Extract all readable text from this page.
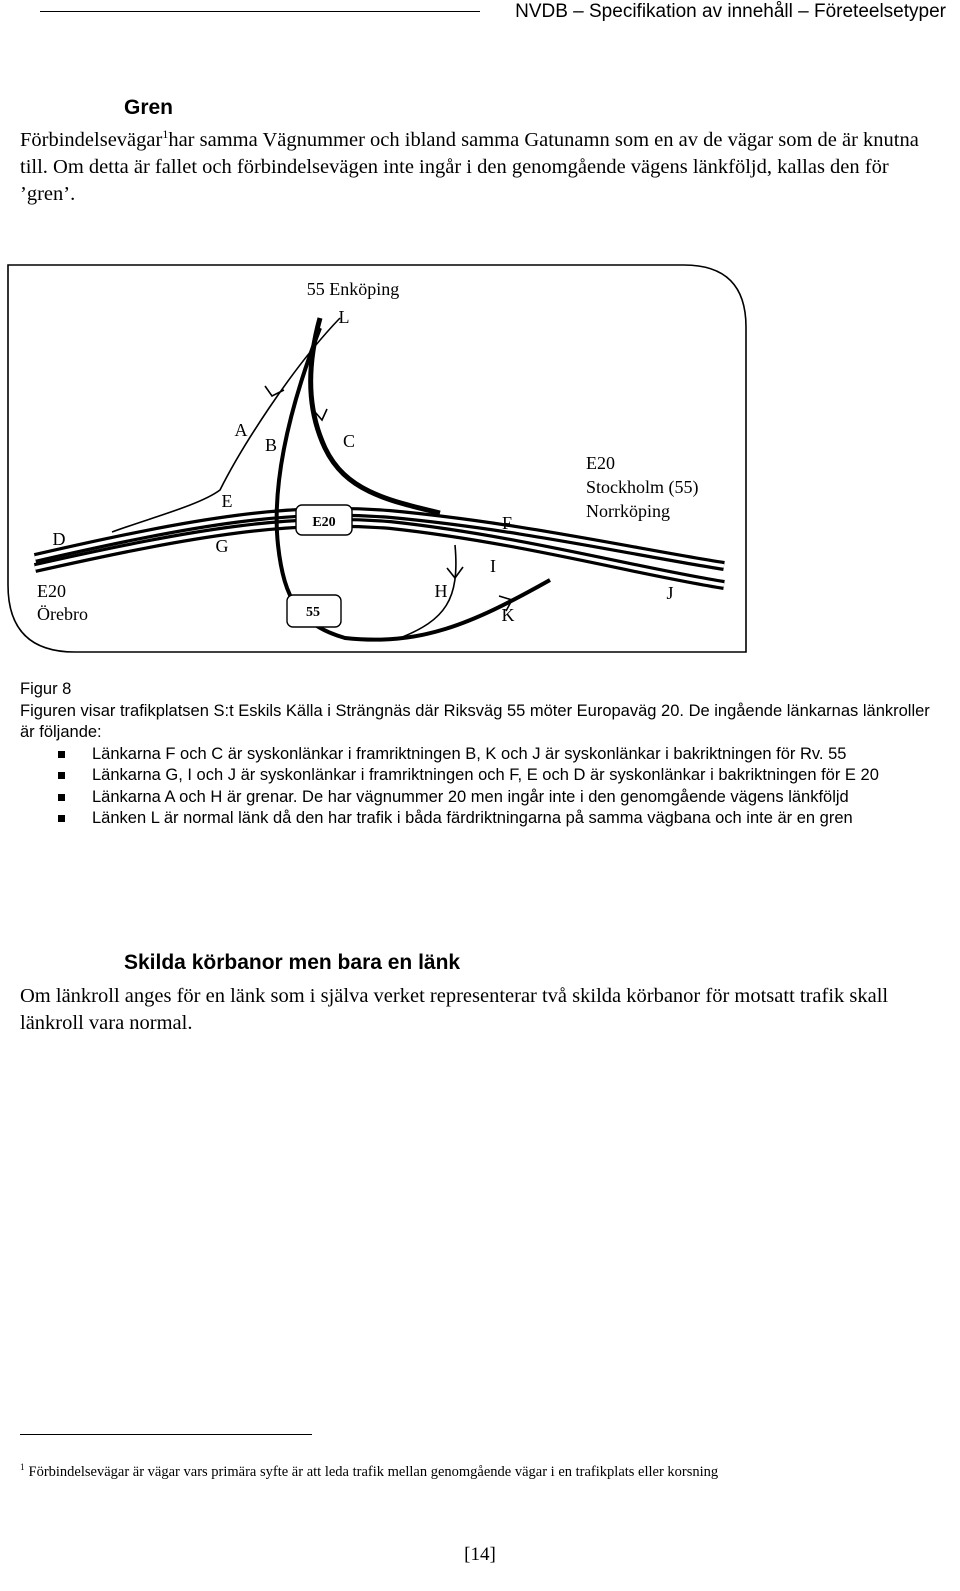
NVDB – Specifikation av innehåll – Företeelsetyper
Gren
Förbindelsevägar$^1$har samma Vägnummer och ibland samma Gatunamn som en av de vägar som de är knutna till. Om detta är fallet och förbindelsevägen inte ingår i den genomgående vägens länkföljd, kallas den för ’gren’.
E20
55
55 Enköping
L
A
B	C
D
E
F
G
H
I
J
K
E20
Stockholm (55)
Norrköping
E20
Örebro

Figur 8

Figuren visar trafikplatsen S:t Eskils Källa i Strängnäs där Riksväg 55 möter Europaväg 20. De ingående länkarnas länkroller är följande:

Länkarna F och C är syskonlänkar i framriktningen B, K och J är syskonlänkar i bakriktningen för Rv. 55
Länkarna G, I och J är syskonlänkar i framriktningen och F, E och D är syskonlänkar i bakriktningen för E 20
Länkarna A och H är grenar. De har vägnummer 20 men ingår inte i den genomgående vägens länkföljd
Länken L är normal länk då den har trafik i båda färdriktningarna på samma vägbana och inte är en gren
Skilda körbanor men bara en länk
Om länkroll anges för en länk som i själva verket representerar två skilda körbanor för motsatt trafik skall länkroll vara normal.
$^1$ Förbindelsevägar är vägar vars primära syfte är att leda trafik mellan genomgående vägar i en trafikplats eller korsning
[14]
